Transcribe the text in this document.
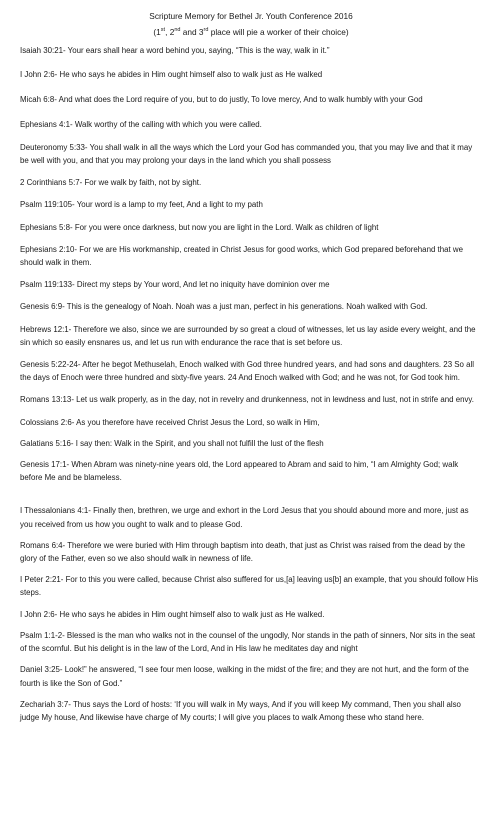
Scripture Memory for Bethel Jr. Youth Conference 2016
(1st, 2nd and 3rd place will pie a worker of their choice)

Isaiah 30:21- Your ears shall hear a word behind you, saying, “This is the way, walk in it.”

I John 2:6- He who says he abides in Him ought himself also to walk just as He walked

Micah 6:8- And what does the Lord require of you, but to do justly, To love mercy, And to walk humbly with your God

Ephesians 4:1- Walk worthy of the calling with which you were called.

Deuteronomy 5:33- You shall walk in all the ways which the Lord your God has commanded you, that you may live and that it may be well with you, and that you may prolong your days in the land which you shall possess

2 Corinthians 5:7- For we walk by faith, not by sight.

Psalm 119:105- Your word is a lamp to my feet, And a light to my path

Ephesians 5:8- For you were once darkness, but now you are light in the Lord. Walk as children of light

Ephesians 2:10- For we are His workmanship, created in Christ Jesus for good works, which God prepared beforehand that we should walk in them.

Psalm 119:133- Direct my steps by Your word, And let no iniquity have dominion over me

Genesis 6:9- This is the genealogy of Noah. Noah was a just man, perfect in his generations. Noah walked with God.

Hebrews 12:1- Therefore we also, since we are surrounded by so great a cloud of witnesses, let us lay aside every weight, and the sin which so easily ensnares us, and let us run with endurance the race that is set before us.

Genesis 5:22-24- After he begot Methuselah, Enoch walked with God three hundred years, and had sons and daughters. 23 So all the days of Enoch were three hundred and sixty-five years. 24 And Enoch walked with God; and he was not, for God took him.

Romans 13:13- Let us walk properly, as in the day, not in revelry and drunkenness, not in lewdness and lust, not in strife and envy.

Colossians 2:6- As you therefore have received Christ Jesus the Lord, so walk in Him,

Galatians 5:16- I say then: Walk in the Spirit, and you shall not fulfill the lust of the flesh

Genesis 17:1- When Abram was ninety-nine years old, the Lord appeared to Abram and said to him, “I am Almighty God; walk before Me and be blameless.

I Thessalonians 4:1- Finally then, brethren, we urge and exhort in the Lord Jesus that you should abound more and more, just as you received from us how you ought to walk and to please God.

Romans 6:4- Therefore we were buried with Him through baptism into death, that just as Christ was raised from the dead by the glory of the Father, even so we also should walk in newness of life.

I Peter 2:21- For to this you were called, because Christ also suffered for us,[a] leaving us[b] an example, that you should follow His steps.

I John 2:6- He who says he abides in Him ought himself also to walk just as He walked.

Psalm 1:1-2- Blessed is the man who walks not in the counsel of the ungodly, Nor stands in the path of sinners, Nor sits in the seat of the scornful. But his delight is in the law of the Lord, And in His law he meditates day and night

Daniel 3:25- Look!” he answered, “I see four men loose, walking in the midst of the fire; and they are not hurt, and the form of the fourth is like the Son of God.”

Zechariah 3:7- Thus says the Lord of hosts: ‘If you will walk in My ways, And if you will keep My command, Then you shall also judge My house, And likewise have charge of My courts; I will give you places to walk Among these who stand here.
